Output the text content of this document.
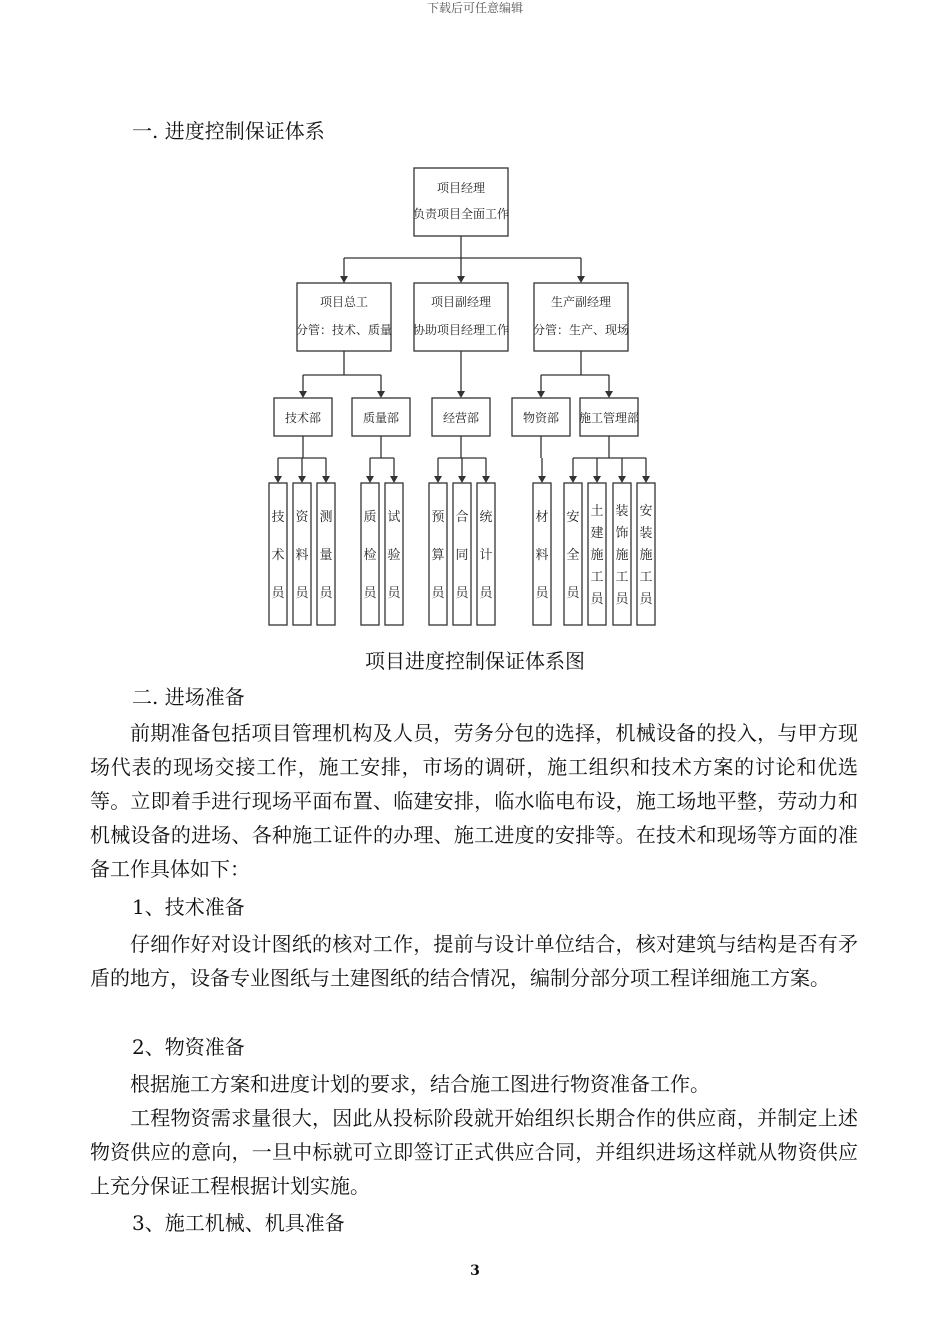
下载后可任意编辑
一. 进度控制保证体系
项目经理
负责项目全面工作
项目总工
分管：技术、质量
项目副经理
协助项目经理工作
生产副经理
分管：生产、现场
技术部	质量部	经营部	物资部 施工管理部
技术员
资料员
测量员
质检员
试验员
预算员
合同员
统计员
材料员
安全员
土建施工员
装饰施工员
安装施工员
项目进度控制保证体系图
二. 进场准备

前期准备包括项目管理机构及人员，劳务分包的选择，机械设备的投入，与甲方现场代表的现场交接工作，施工安排，市场的调研，施工组织和技术方案的讨论和优选等。立即着手进行现场平面布置、临建安排，临水临电布设，施工场地平整，劳动力和机械设备的进场、各种施工证件的办理、施工进度的安排等。在技术和现场等方面的准备工作具体如下：

1、技术准备

仔细作好对设计图纸的核对工作，提前与设计单位结合，核对建筑与结构是否有矛盾的地方，设备专业图纸与土建图纸的结合情况，编制分部分项工程详细施工方案。

2、物资准备

根据施工方案和进度计划的要求，结合施工图进行物资准备工作。

工程物资需求量很大，因此从投标阶段就开始组织长期合作的供应商，并制定上述物资供应的意向，一旦中标就可立即签订正式供应合同，并组织进场这样就从物资供应上充分保证工程根据计划实施。

3、施工机械、机具准备
3
